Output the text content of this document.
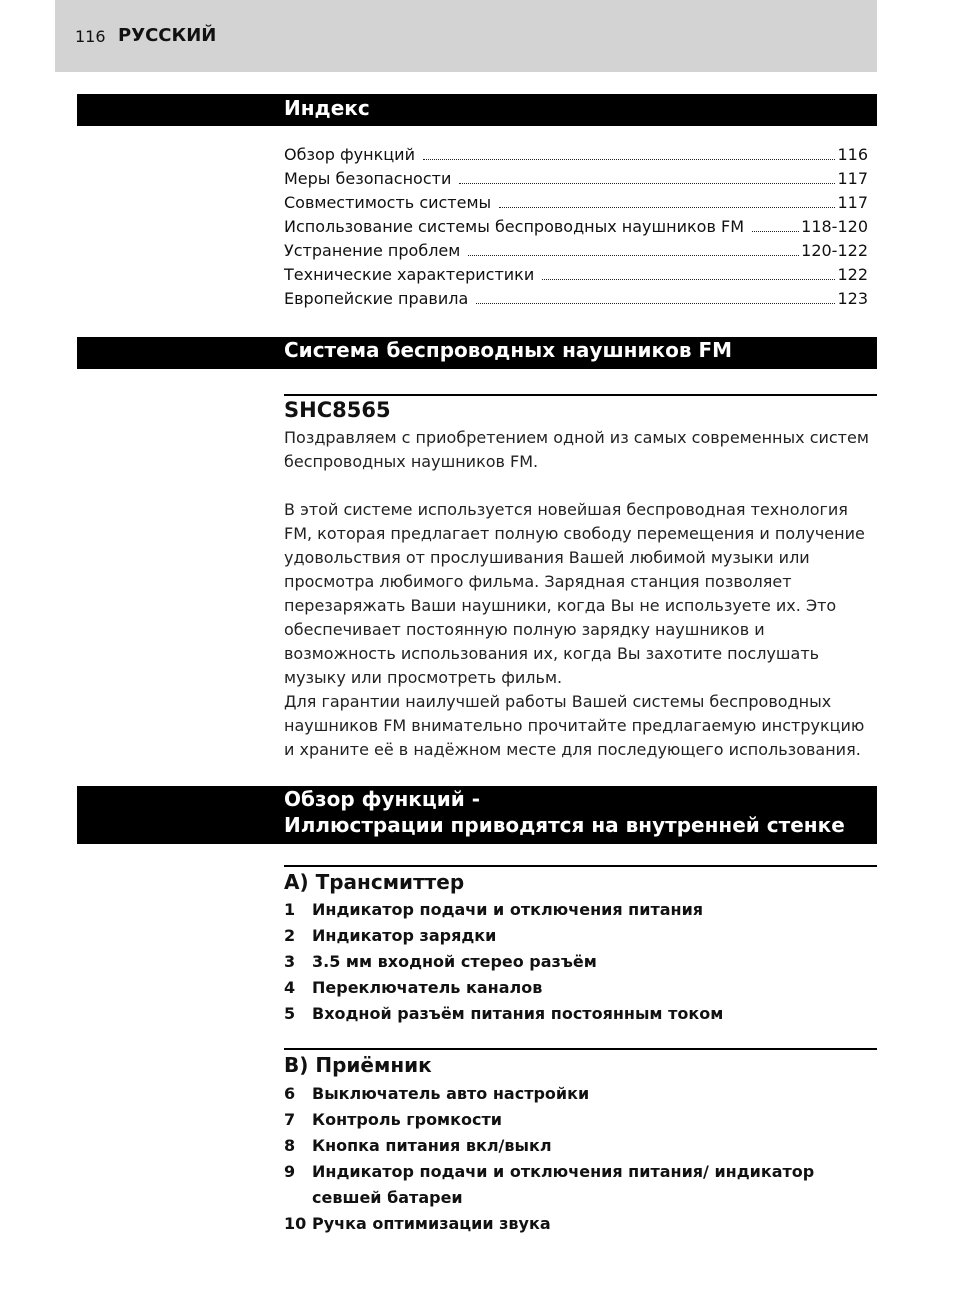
116 РУССКИЙ
Индекс
Обзор функций	116
Меры безопасности	117
Совместимость системы	117
Использование системы беспроводных наушников FM	118-120
Устранение проблем	120-122
Технические характеристики	122
Европейские правила	123
Система беспроводных наушников FM
SHC8565
Поздравляем с приобретением одной из самых современных систем беспроводных наушников FM.
В этой системе используется новейшая беспроводная технология FM, которая предлагает полную свободу перемещения и получение удовольствия от прослушивания Вашей любимой музыки или просмотра любимого фильма. Зарядная станция позволяет перезаряжать Ваши наушники, когда Вы не используете их. Это обеспечивает постоянную полную зарядку наушников и возможность использования их, когда Вы захотите послушать музыку или просмотреть фильм.
Для гарантии наилучшей работы Вашей системы беспроводных наушников FM внимательно прочитайте предлагаемую инструкцию и храните её в надёжном месте для последующего использования.
Обзор функций -
Иллюстрации приводятся на внутренней стенке
A) Трансмиттер
1	Индикатор подачи и отключения питания
2	Индикатор зарядки
3	3.5 мм входной стерео разъём
4	Переключатель каналов
5	Входной разъём питания постоянным током
B) Приёмник
6	Выключатель авто настройки
7	Контроль громкости
8	Кнопка питания вкл/выкл
9	Индикатор подачи и отключения питания/ индикатор севшей батареи
10 Ручка оптимизации звука
